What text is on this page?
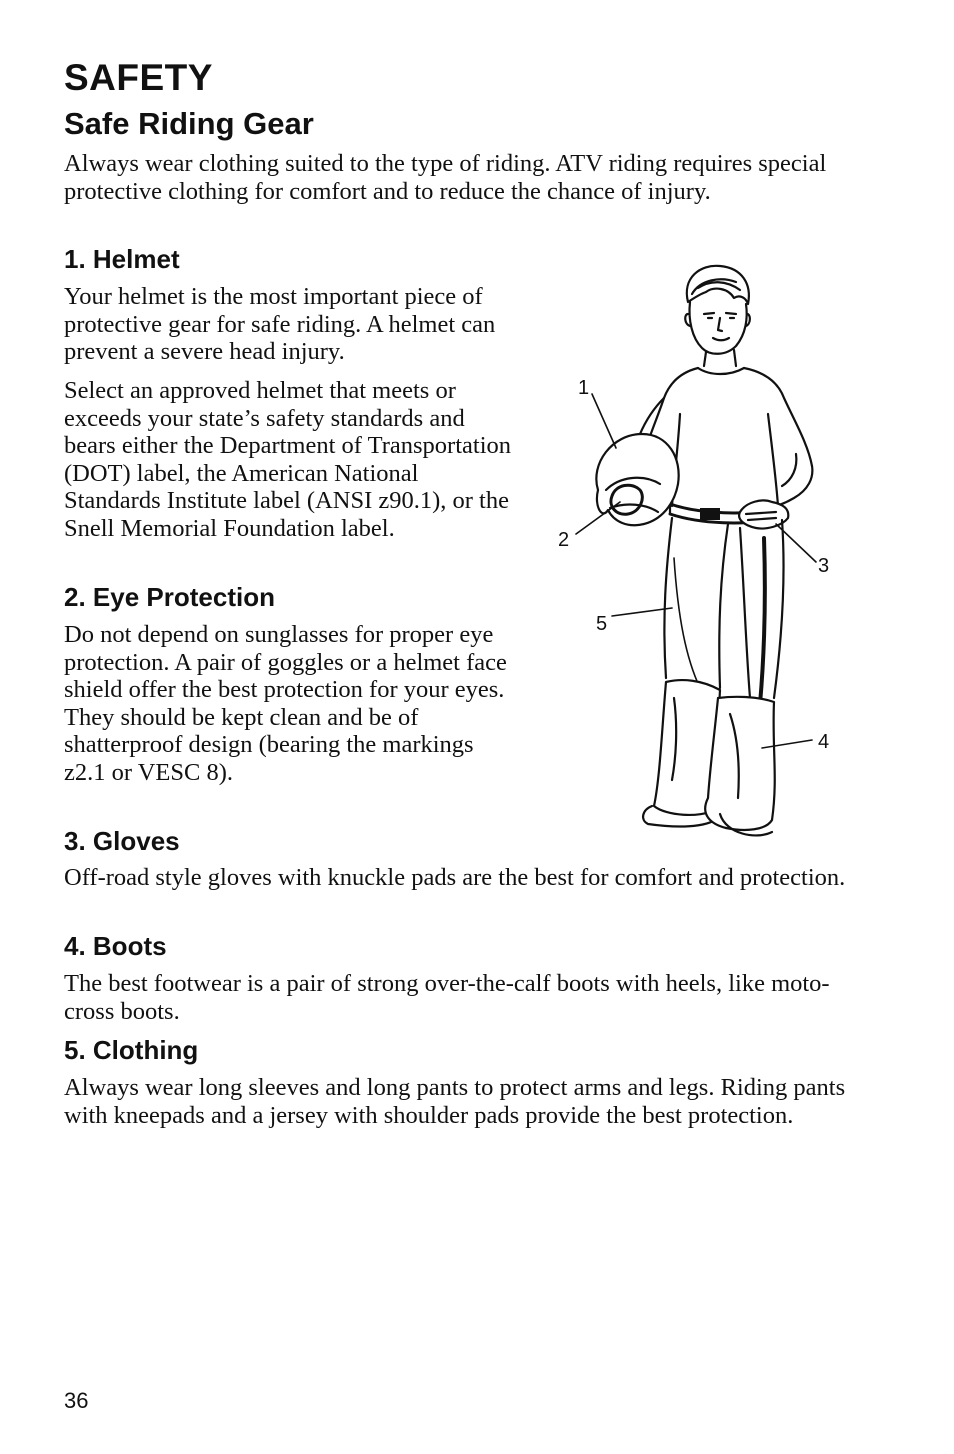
SAFETY
Safe Riding Gear

Always wear clothing suited to the type of riding. ATV riding requires special protective clothing for comfort and to reduce the chance of injury.

1. Helmet

Your helmet is the most important piece of protective gear for safe riding. A helmet can prevent a severe head injury.

Select an approved helmet that meets or exceeds your state’s safety standards and bears either the Department of Transportation (DOT) label, the American National Standards Institute label (ANSI z90.1), or the Snell Memorial Foundation label.

2. Eye Protection

Do not depend on sunglasses for proper eye protection. A pair of goggles or a helmet face shield offer the best protection for your eyes. They should be kept clean and be of shatterproof design (bearing the markings z2.1 or VESC 8).

3. Gloves

Off-road style gloves with knuckle pads are the best for comfort and protection.

4. Boots

The best footwear is a pair of strong over-the-calf boots with heels, like moto-cross boots.

5. Clothing

Always wear long sleeves and long pants to protect arms and legs. Riding pants with kneepads and a jersey with shoulder pads provide the best protection.

1
2
3
4
5
36
